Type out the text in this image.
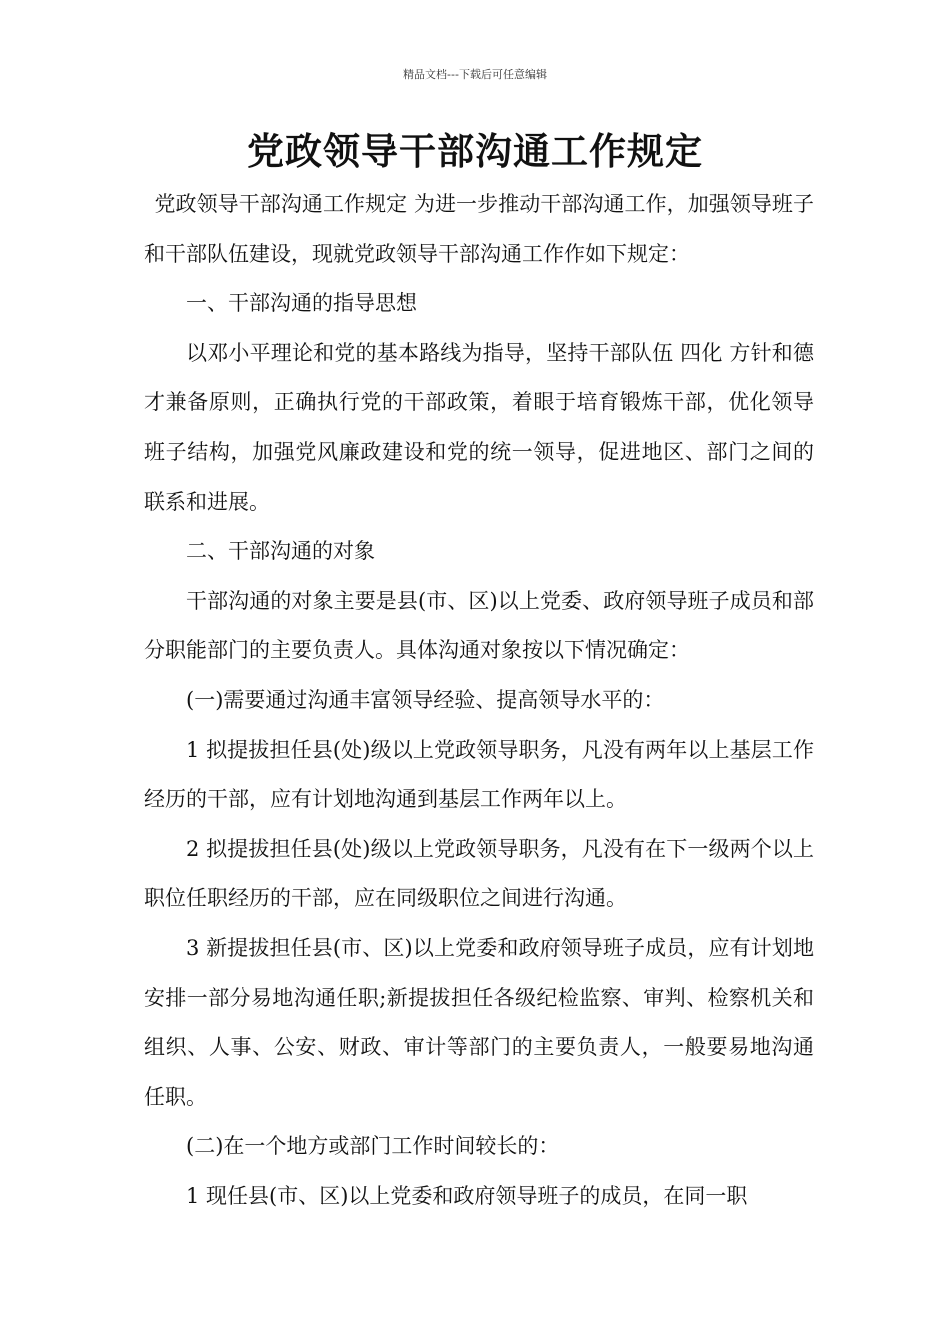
精品文档---下载后可任意编辑
党政领导干部沟通工作规定

党政领导干部沟通工作规定 为进一步推动干部沟通工作，加强领导班子和干部队伍建设，现就党政领导干部沟通工作作如下规定：

一、干部沟通的指导思想

以邓小平理论和党的基本路线为指导，坚持干部队伍 四化 方针和德才兼备原则，正确执行党的干部政策，着眼于培育锻炼干部，优化领导班子结构，加强党风廉政建设和党的统一领导，促进地区、部门之间的联系和进展。

二、干部沟通的对象

干部沟通的对象主要是县(市、区)以上党委、政府领导班子成员和部分职能部门的主要负责人。具体沟通对象按以下情况确定：

(一)需要通过沟通丰富领导经验、提高领导水平的：

1 拟提拔担任县(处)级以上党政领导职务，凡没有两年以上基层工作经历的干部，应有计划地沟通到基层工作两年以上。

2 拟提拔担任县(处)级以上党政领导职务，凡没有在下一级两个以上职位任职经历的干部，应在同级职位之间进行沟通。

3 新提拔担任县(市、区)以上党委和政府领导班子成员，应有计划地安排一部分易地沟通任职;新提拔担任各级纪检监察、审判、检察机关和组织、人事、公安、财政、审计等部门的主要负责人，一般要易地沟通任职。

(二)在一个地方或部门工作时间较长的：

1 现任县(市、区)以上党委和政府领导班子的成员，在同一职
